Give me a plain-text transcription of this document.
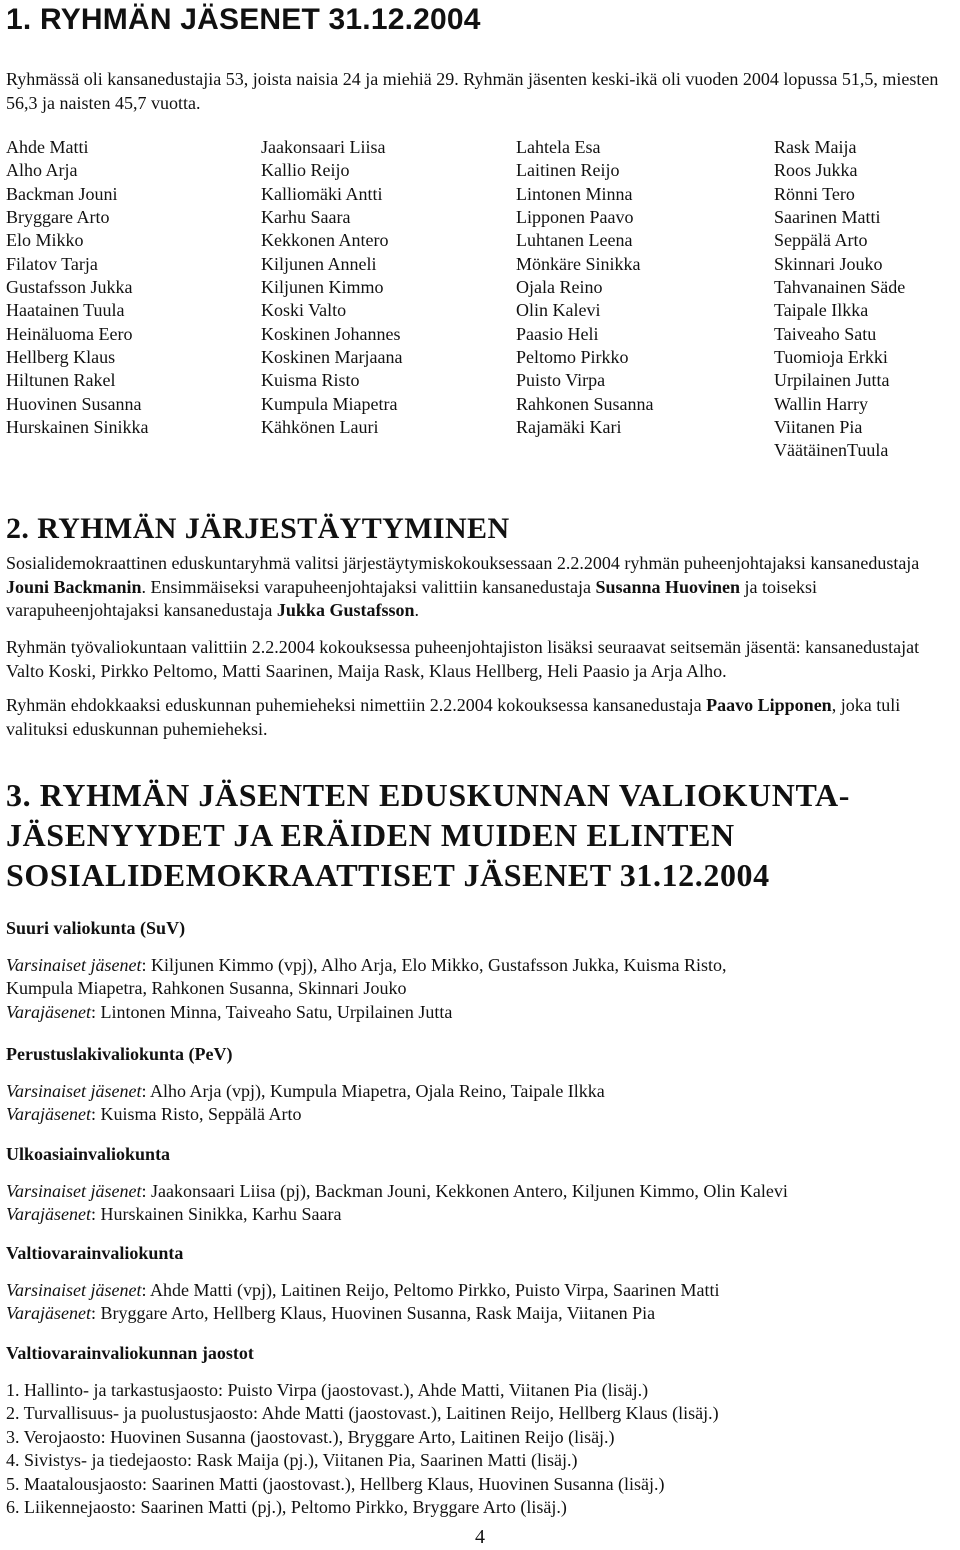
1. RYHMÄN JÄSENET 31.12.2004

Ryhmässä oli kansanedustajia 53, joista naisia 24 ja miehiä 29. Ryhmän jäsenten keski-ikä oli vuoden 2004 lopussa 51,5, miesten 56,3 ja naisten 45,7 vuotta.

Ahde Matti
Alho Arja
Backman Jouni
Bryggare Arto
Elo Mikko
Filatov Tarja
Gustafsson Jukka
Haatainen Tuula
Heinäluoma Eero
Hellberg Klaus
Hiltunen Rakel
Huovinen Susanna
Hurskainen Sinikka
Jaakonsaari Liisa
Kallio Reijo
Kalliomäki Antti
Karhu Saara
Kekkonen Antero
Kiljunen Anneli
Kiljunen Kimmo
Koski Valto
Koskinen Johannes
Koskinen Marjaana
Kuisma Risto
Kumpula Miapetra
Kähkönen Lauri
Lahtela Esa
Laitinen Reijo
Lintonen Minna
Lipponen Paavo
Luhtanen Leena
Mönkäre Sinikka
Ojala Reino
Olin Kalevi
Paasio Heli
Peltomo Pirkko
Puisto Virpa
Rahkonen Susanna
Rajamäki Kari
Rask Maija
Roos Jukka
Rönni Tero
Saarinen Matti
Seppälä Arto
Skinnari Jouko
Tahvanainen Säde
Taipale Ilkka
Taiveaho Satu
Tuomioja Erkki
Urpilainen Jutta
Wallin Harry
Viitanen Pia
VäätäinenTuula
2. RYHMÄN JÄRJESTÄYTYMINEN

Sosialidemokraattinen eduskuntaryhmä valitsi järjestäytymiskokouksessaan 2.2.2004 ryhmän puheenjohtajaksi kansanedustaja Jouni Backmanin. Ensimmäiseksi varapuheenjohtajaksi valittiin kansanedustaja Susanna Huovinen ja toiseksi varapuheenjohtajaksi kansanedustaja Jukka Gustafsson.

Ryhmän työvaliokuntaan valittiin 2.2.2004 kokouksessa puheenjohtajiston lisäksi seuraavat seitsemän jäsentä: kansanedustajat Valto Koski, Pirkko Peltomo, Matti Saarinen, Maija Rask, Klaus Hellberg, Heli Paasio ja Arja Alho.

Ryhmän ehdokkaaksi eduskunnan puhemieheksi nimettiin 2.2.2004 kokouksessa kansanedustaja Paavo Lipponen, joka tuli valituksi eduskunnan puhemieheksi.

3. RYHMÄN JÄSENTEN EDUSKUNNAN VALIOKUNTA-
JÄSENYYDET JA ERÄIDEN MUIDEN ELINTEN
SOSIALIDEMOKRAATTISET JÄSENET 31.12.2004

Suuri valiokunta (SuV)

Varsinaiset jäsenet: Kiljunen Kimmo (vpj), Alho Arja, Elo Mikko, Gustafsson Jukka, Kuisma Risto,

Kumpula Miapetra, Rahkonen Susanna, Skinnari Jouko

Varajäsenet: Lintonen Minna, Taiveaho Satu, Urpilainen Jutta

Perustuslakivaliokunta (PeV)

Varsinaiset jäsenet: Alho Arja (vpj), Kumpula Miapetra, Ojala Reino, Taipale Ilkka

Varajäsenet: Kuisma Risto, Seppälä Arto

Ulkoasiainvaliokunta

Varsinaiset jäsenet: Jaakonsaari Liisa (pj), Backman Jouni, Kekkonen Antero, Kiljunen Kimmo, Olin Kalevi

Varajäsenet: Hurskainen Sinikka, Karhu Saara

Valtiovarainvaliokunta

Varsinaiset jäsenet: Ahde Matti (vpj), Laitinen Reijo, Peltomo Pirkko, Puisto Virpa, Saarinen Matti

Varajäsenet: Bryggare Arto, Hellberg Klaus, Huovinen Susanna, Rask Maija, Viitanen Pia

Valtiovarainvaliokunnan jaostot

1. Hallinto- ja tarkastusjaosto: Puisto Virpa (jaostovast.), Ahde Matti, Viitanen Pia (lisäj.)

2. Turvallisuus- ja puolustusjaosto: Ahde Matti (jaostovast.), Laitinen Reijo, Hellberg Klaus (lisäj.)

3. Verojaosto: Huovinen Susanna (jaostovast.), Bryggare Arto, Laitinen Reijo (lisäj.)

4. Sivistys- ja tiedejaosto: Rask Maija (pj.), Viitanen Pia, Saarinen Matti (lisäj.)

5. Maatalousjaosto: Saarinen Matti (jaostovast.), Hellberg Klaus, Huovinen Susanna (lisäj.)

6. Liikennejaosto: Saarinen Matti (pj.), Peltomo Pirkko, Bryggare Arto (lisäj.)

4
